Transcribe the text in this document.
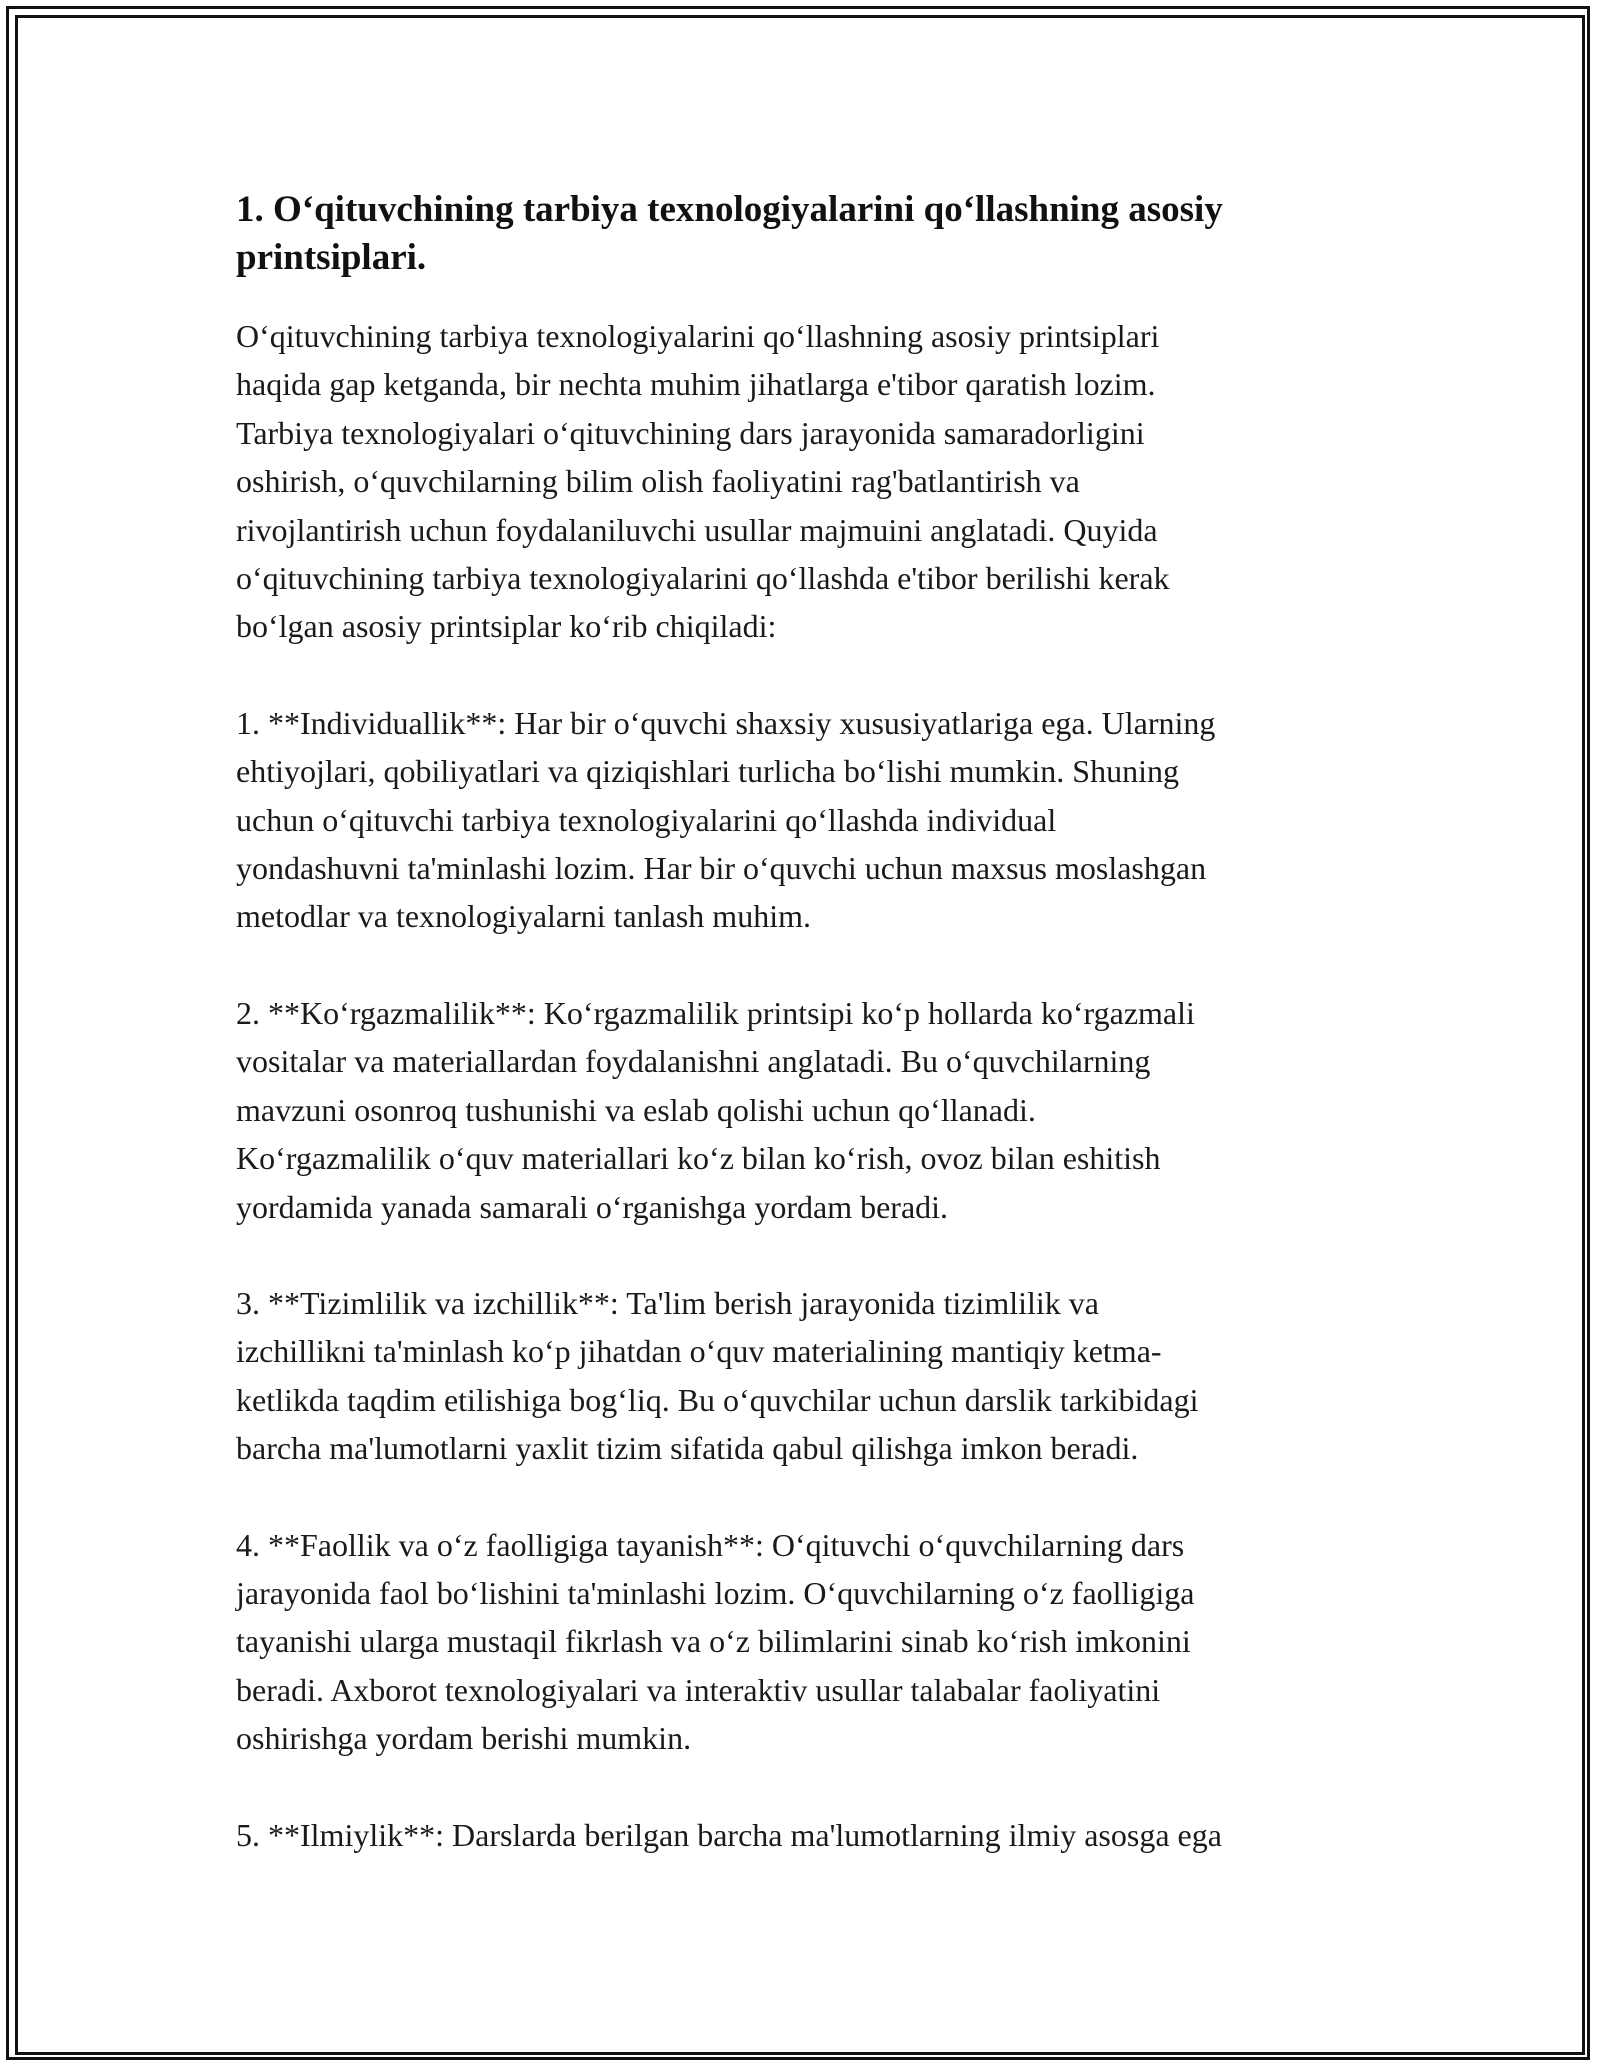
1. O‘qituvchining tarbiya texnologiyalarini qo‘llashning asosiy printsiplari.

O‘qituvchining tarbiya texnologiyalarini qo‘llashning asosiy printsiplari
haqida gap ketganda, bir nechta muhim jihatlarga e'tibor qaratish lozim.
Tarbiya texnologiyalari o‘qituvchining dars jarayonida samaradorligini
oshirish, o‘quvchilarning bilim olish faoliyatini rag'batlantirish va
rivojlantirish uchun foydalaniluvchi usullar majmuini anglatadi. Quyida
o‘qituvchining tarbiya texnologiyalarini qo‘llashda e'tibor berilishi kerak
bo‘lgan asosiy printsiplar ko‘rib chiqiladi:

1. **Individuallik**: Har bir o‘quvchi shaxsiy xususiyatlariga ega. Ularning
ehtiyojlari, qobiliyatlari va qiziqishlari turlicha bo‘lishi mumkin. Shuning
uchun o‘qituvchi tarbiya texnologiyalarini qo‘llashda individual
yondashuvni ta'minlashi lozim. Har bir o‘quvchi uchun maxsus moslashgan
metodlar va texnologiyalarni tanlash muhim.

2. **Ko‘rgazmalilik**: Ko‘rgazmalilik printsipi ko‘p hollarda ko‘rgazmali
vositalar va materiallardan foydalanishni anglatadi. Bu o‘quvchilarning
mavzuni osonroq tushunishi va eslab qolishi uchun qo‘llanadi.
Ko‘rgazmalilik o‘quv materiallari ko‘z bilan ko‘rish, ovoz bilan eshitish
yordamida yanada samarali o‘rganishga yordam beradi.

3. **Tizimlilik va izchillik**: Ta'lim berish jarayonida tizimlilik va
izchillikni ta'minlash ko‘p jihatdan o‘quv materialining mantiqiy ketma-
ketlikda taqdim etilishiga bog‘liq. Bu o‘quvchilar uchun darslik tarkibidagi
barcha ma'lumotlarni yaxlit tizim sifatida qabul qilishga imkon beradi.

4. **Faollik va o‘z faolligiga tayanish**: O‘qituvchi o‘quvchilarning dars
jarayonida faol bo‘lishini ta'minlashi lozim. O‘quvchilarning o‘z faolligiga
tayanishi ularga mustaqil fikrlash va o‘z bilimlarini sinab ko‘rish imkonini
beradi. Axborot texnologiyalari va interaktiv usullar talabalar faoliyatini
oshirishga yordam berishi mumkin.

5. **Ilmiylik**: Darslarda berilgan barcha ma'lumotlarning ilmiy asosga ega
